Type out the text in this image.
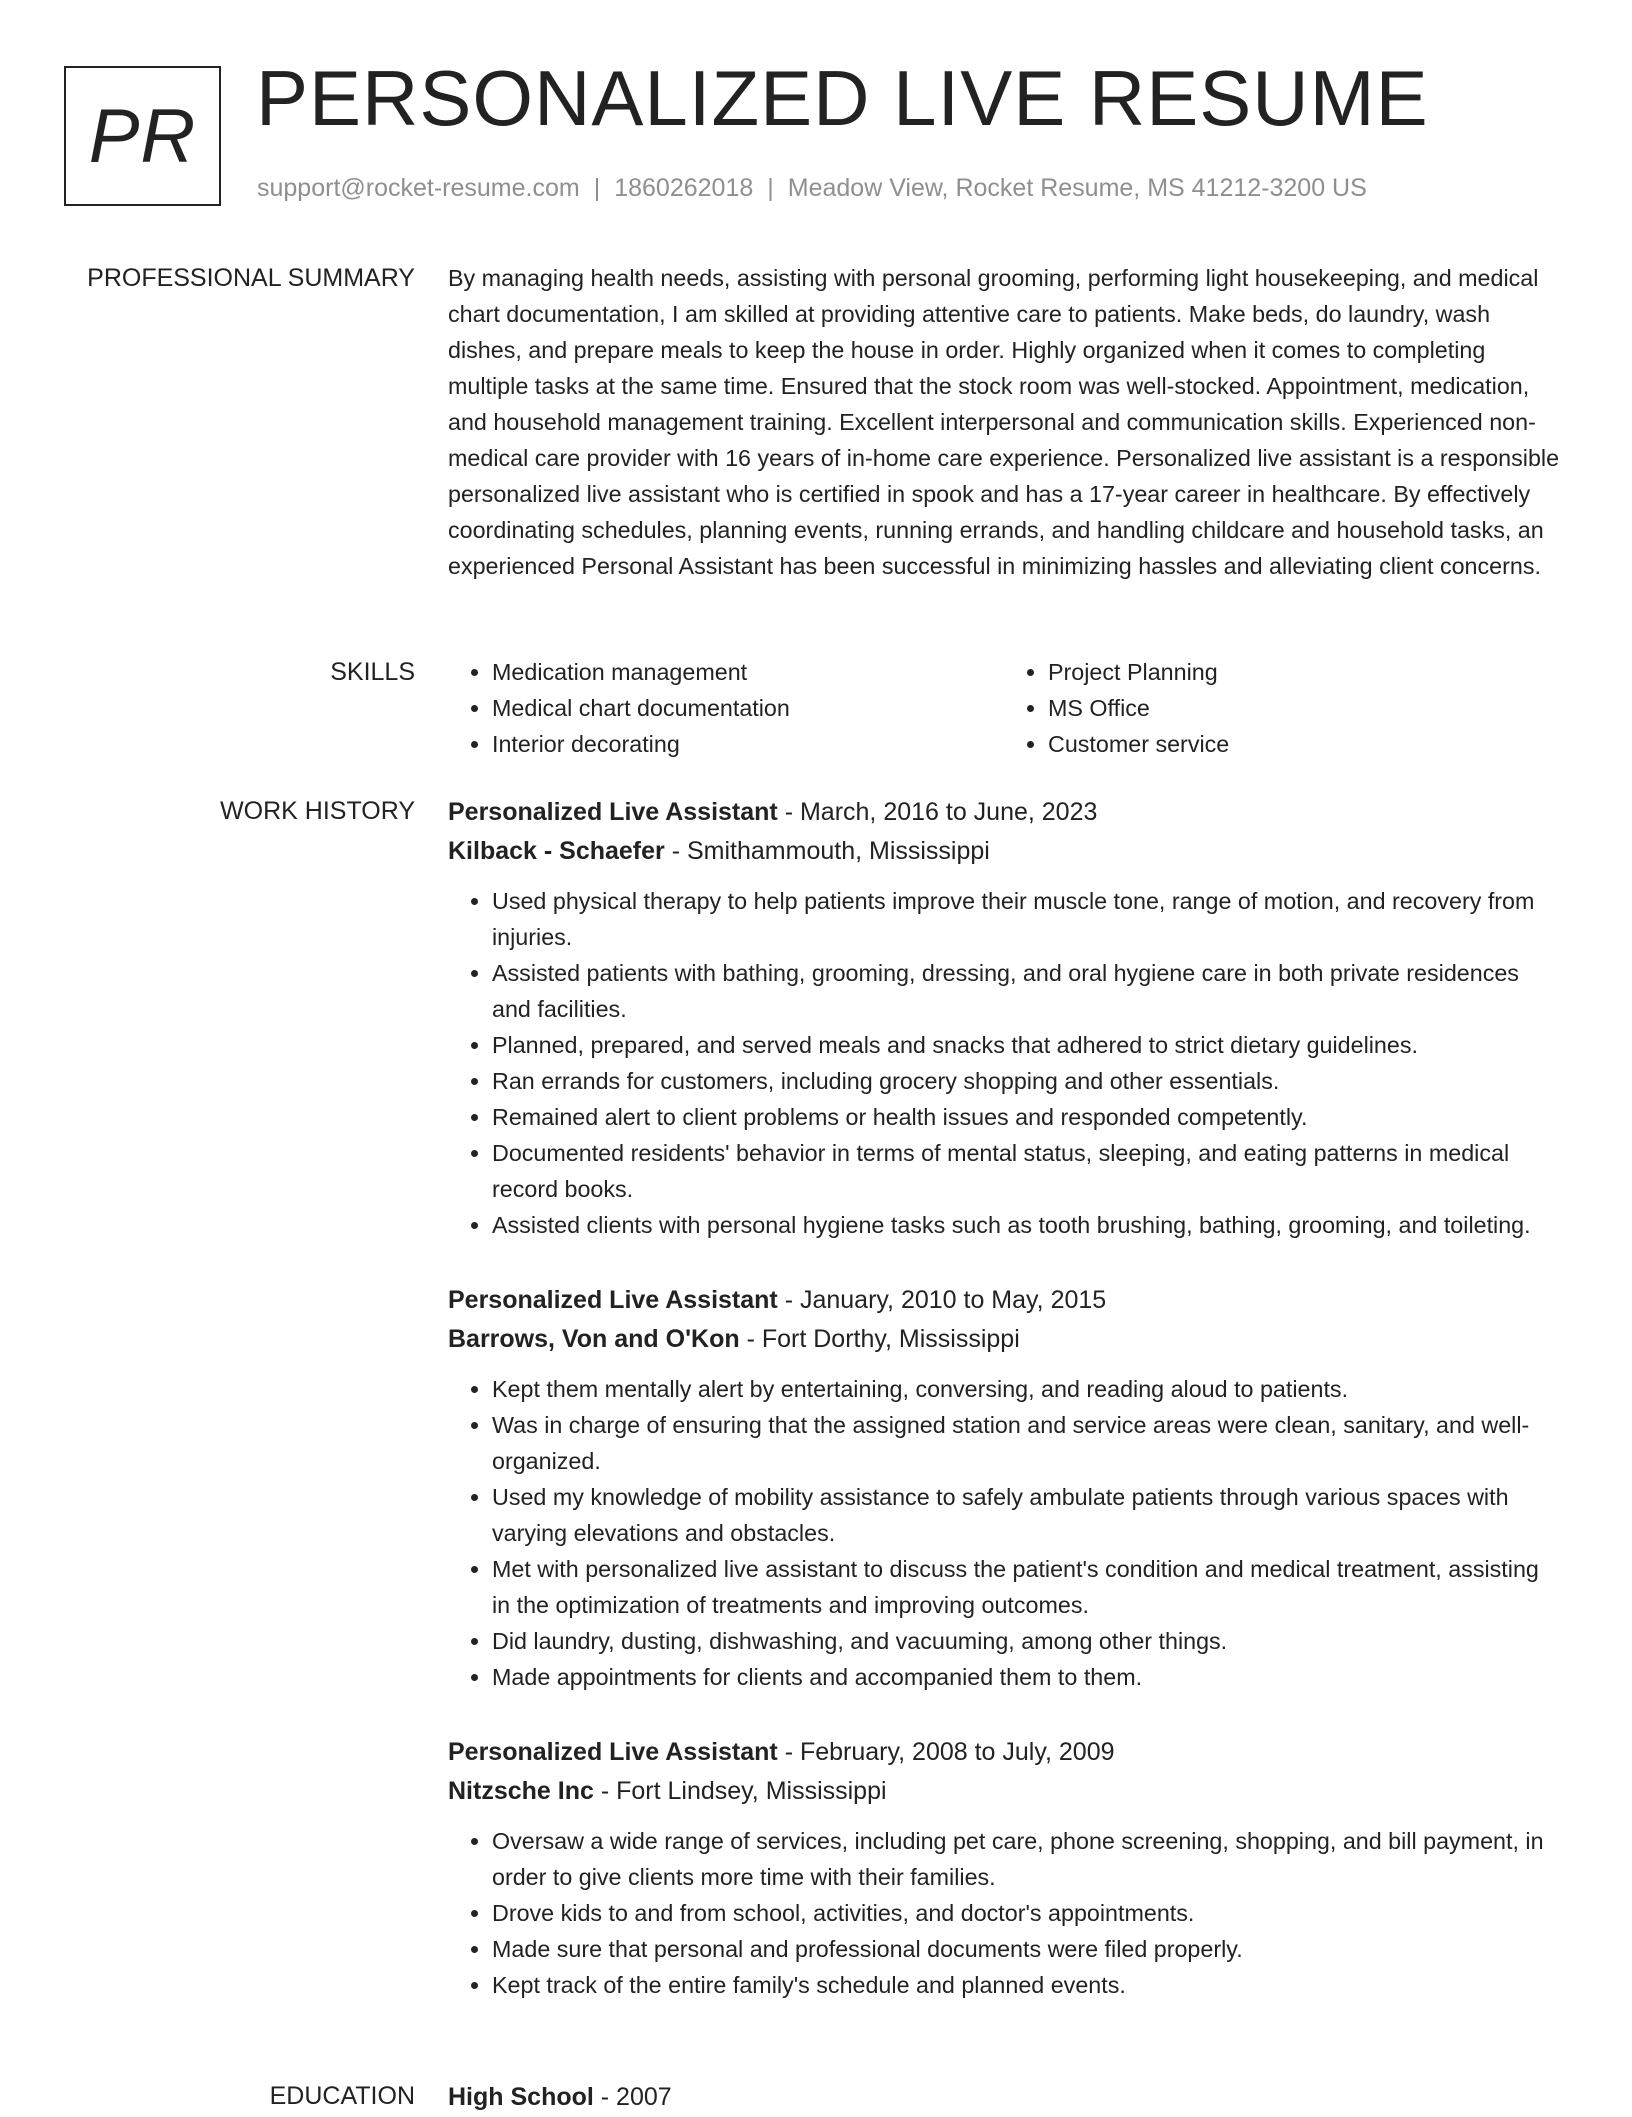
PR PERSONALIZED LIVE RESUME
support@rocket-resume.com | 1860262018 | Meadow View, Rocket Resume, MS 41212-3200 US
PROFESSIONAL SUMMARY By managing health needs, assisting with personal grooming, performing light housekeeping, and medical chart documentation, I am skilled at providing attentive care to patients. Make beds, do laundry, wash dishes, and prepare meals to keep the house in order. Highly organized when it comes to completing multiple tasks at the same time. Ensured that the stock room was well-stocked. Appointment, medication, and household management training. Excellent interpersonal and communication skills. Experienced non-medical care provider with 16 years of in-home care experience. Personalized live assistant is a responsible personalized live assistant who is certified in spook and has a 17-year career in healthcare. By effectively coordinating schedules, planning events, running errands, and handling childcare and household tasks, an experienced Personal Assistant has been successful in minimizing hassles and alleviating client concerns.

SKILLS
•	Medication management
• Medical chart documentation
• Interior decorating
• Project Planning
• MS Office
• Customer service
WORK HISTORY Personalized Live Assistant - March, 2016 to June, 2023
Kilback - Schaefer - Smithammouth, Mississippi
• Used physical therapy to help patients improve their muscle tone, range of motion, and recovery from injuries.
• Assisted patients with bathing, grooming, dressing, and oral hygiene care in both private residences and facilities.
• Planned, prepared, and served meals and snacks that adhered to strict dietary guidelines.
• Ran errands for customers, including grocery shopping and other essentials.
• Remained alert to client problems or health issues and responded competently.
• Documented residents' behavior in terms of mental status, sleeping, and eating patterns in medical record books.
• Assisted clients with personal hygiene tasks such as tooth brushing, bathing, grooming, and toileting.
Personalized Live Assistant - January, 2010 to May, 2015
Barrows, Von and O'Kon - Fort Dorthy, Mississippi
• Kept them mentally alert by entertaining, conversing, and reading aloud to patients.
• Was in charge of ensuring that the assigned station and service areas were clean, sanitary, and well-organized.
• Used my knowledge of mobility assistance to safely ambulate patients through various spaces with varying elevations and obstacles.
• Met with personalized live assistant to discuss the patient's condition and medical treatment, assisting in the optimization of treatments and improving outcomes.
• Did laundry, dusting, dishwashing, and vacuuming, among other things.
• Made appointments for clients and accompanied them to them.
Personalized Live Assistant - February, 2008 to July, 2009
Nitzsche Inc - Fort Lindsey, Mississippi
• Oversaw a wide range of services, including pet care, phone screening, shopping, and bill payment, in order to give clients more time with their families.
• Drove kids to and from school, activities, and doctor's appointments.
• Made sure that personal and professional documents were filed properly.
• Kept track of the entire family's schedule and planned events.
EDUCATION High School - 2007
